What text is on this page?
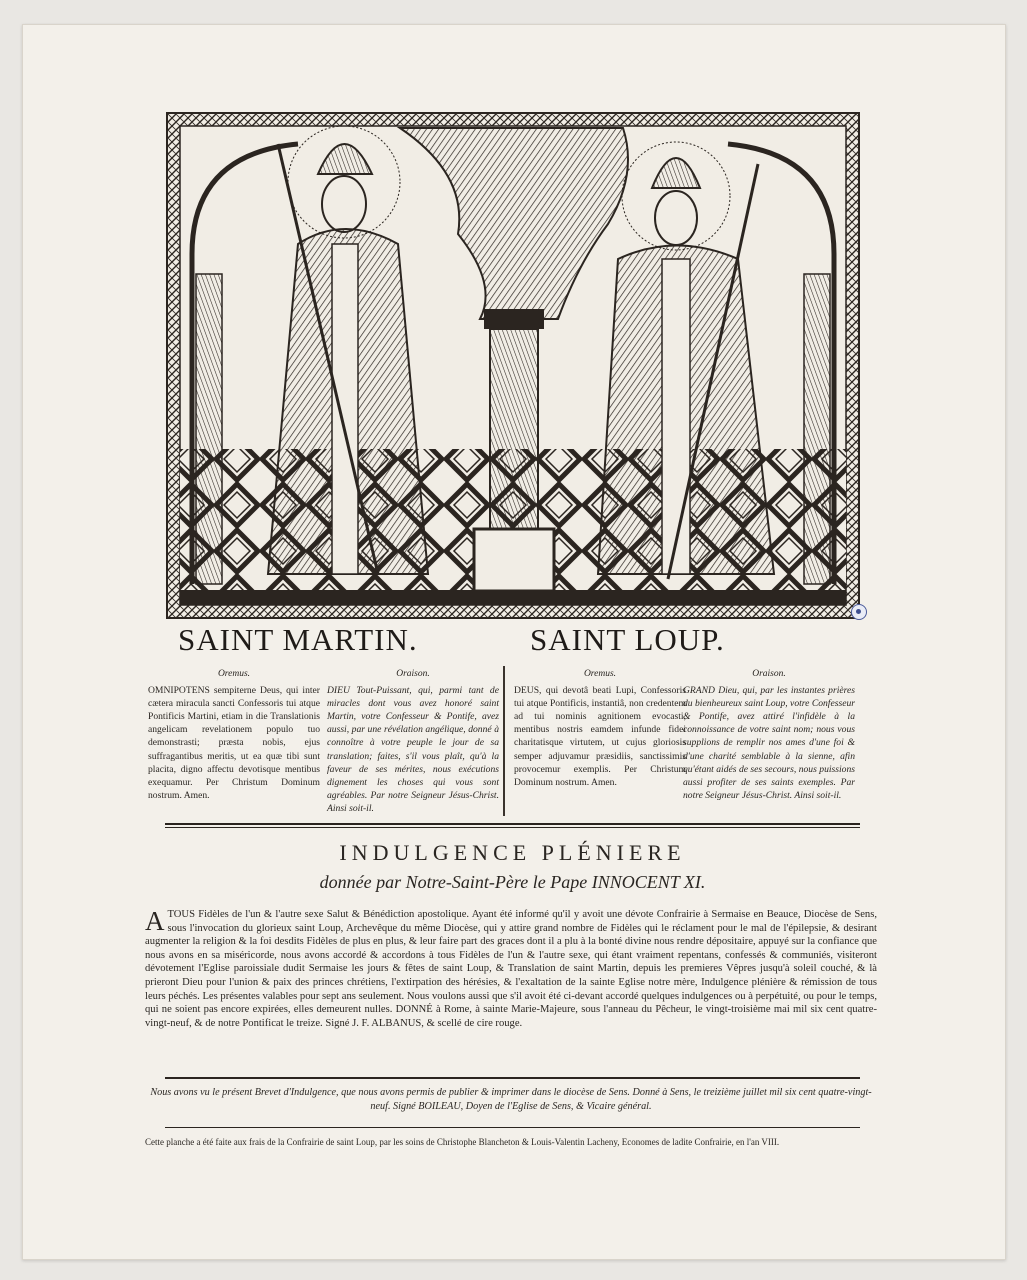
SAINT MARTIN.	SAINT LOUP.
Oremus.
OMNIPOTENS sempiterne Deus, qui inter cætera miracula sancti Confessoris tui atque Pontificis Martini, etiam in die Translationis angelicam revelationem populo tuo demonstrasti; præsta nobis, ejus suffragantibus meritis, ut ea quæ tibi sunt placita, digno affectu devotisque mentibus exequamur. Per Christum Dominum nostrum. Amen.
Oraison.
DIEU Tout-Puissant, qui, parmi tant de miracles dont vous avez honoré saint Martin, votre Confesseur & Pontife, avez aussi, par une révélation angélique, donné à connoître à votre peuple le jour de sa translation; faites, s'il vous plaît, qu'à la faveur de ses mérites, nous exécutions dignement les choses qui vous sont agréables. Par notre Seigneur Jésus-Christ. Ainsi soit-il.
Oremus.
DEUS, qui devotâ beati Lupi, Confessoris tui atque Pontificis, instantiâ, non credentem ad tui nominis agnitionem evocasti, mentibus nostris eamdem infunde fidei charitatisque virtutem, ut cujus gloriosis semper adjuvamur præsidiis, sanctissimis provocemur exemplis. Per Christum Dominum nostrum. Amen.
Oraison.
GRAND Dieu, qui, par les instantes prières du bienheureux saint Loup, votre Confesseur & Pontife, avez attiré l'infidèle à la connoissance de votre saint nom; nous vous supplions de remplir nos ames d'une foi & d'une charité semblable à la sienne, afin qu'étant aidés de ses secours, nous puissions aussi profiter de ses saints exemples. Par notre Seigneur Jésus-Christ. Ainsi soit-il.
INDULGENCE PLÉNIERE
donnée par Notre-Saint-Père le Pape INNOCENT XI.
ATOUS Fidèles de l'un & l'autre sexe Salut & Bénédiction apostolique. Ayant été informé qu'il y avoit une dévote Confrairie à Sermaise en Beauce, Diocèse de Sens, sous l'invocation du glorieux saint Loup, Archevêque du même Diocèse, qui y attire grand nombre de Fidèles qui le réclament pour le mal de l'épilepsie, & desirant augmenter la religion & la foi desdits Fidèles de plus en plus, & leur faire part des graces dont il a plu à la bonté divine nous rendre dépositaire, appuyé sur la confiance que nous avons en sa miséricorde, nous avons accordé & accordons à tous Fidèles de l'un & l'autre sexe, qui étant vraiment repentans, confessés & communiés, visiteront dévotement l'Eglise paroissiale dudit Sermaise les jours & fêtes de saint Loup, & Translation de saint Martin, depuis les premieres Vêpres jusqu'à soleil couché, & là prieront Dieu pour l'union & paix des princes chrétiens, l'extirpation des hérésies, & l'exaltation de la sainte Eglise notre mère, Indulgence plénière & rémission de tous leurs péchés. Les présentes valables pour sept ans seulement. Nous voulons aussi que s'il avoit été ci-devant accordé quelques indulgences ou à perpétuité, ou pour le temps, qui ne soient pas encore expirées, elles demeurent nulles. DONNÉ à Rome, à sainte Marie-Majeure, sous l'anneau du Pêcheur, le vingt-troisième mai mil six cent quatre-vingt-neuf, & de notre Pontificat le treize. Signé J. F. ALBANUS, & scellé de cire rouge.
Nous avons vu le présent Brevet d'Indulgence, que nous avons permis de publier & imprimer dans le diocèse de Sens. Donné à Sens, le treizième juillet mil six cent quatre-vingt-neuf. Signé BOILEAU, Doyen de l'Eglise de Sens, & Vicaire général.
Cette planche a été faite aux frais de la Confrairie de saint Loup, par les soins de Christophe Blancheton & Louis-Valentin Lacheny, Economes de ladite Confrairie, en l'an VIII.
